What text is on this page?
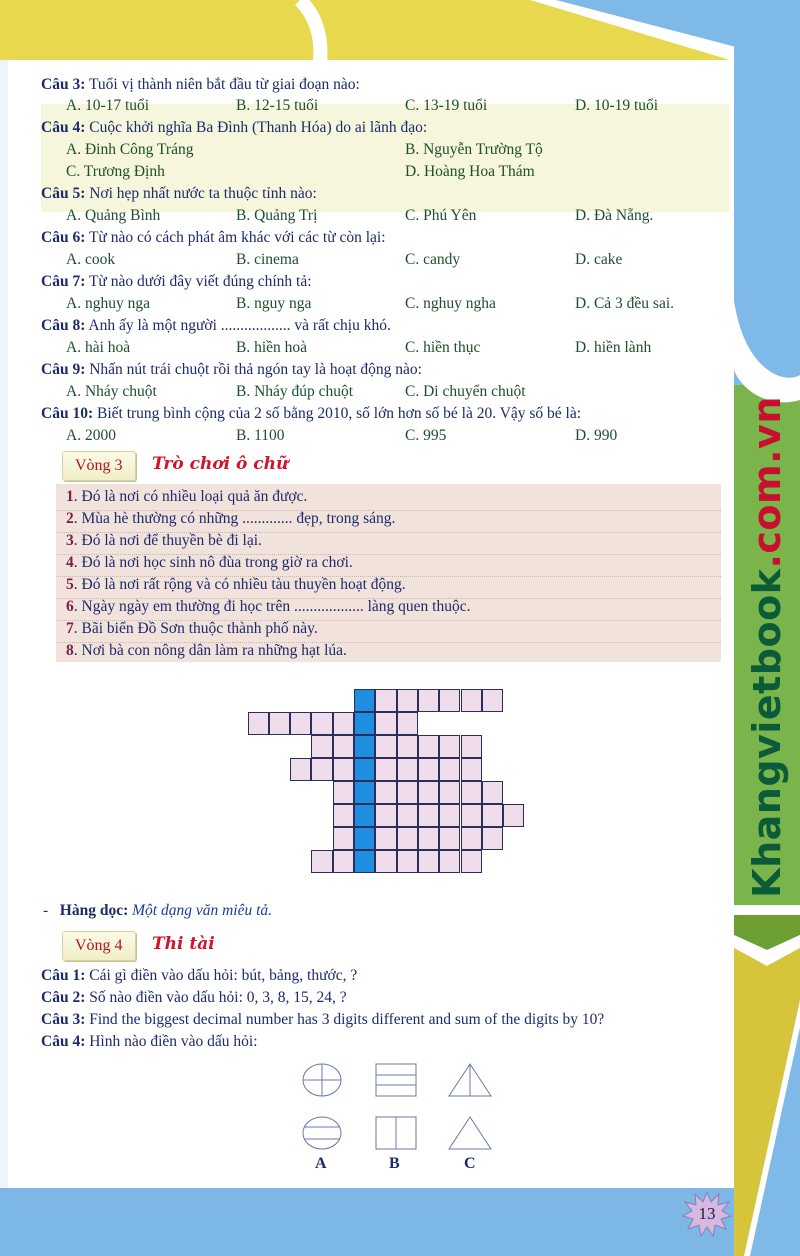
Khangvietbook.com.vn
Câu 3: Tuổi vị thành niên bắt đầu từ giai đoạn nào:
A. 10-17 tuổi	B. 12-15 tuổi	C. 13-19 tuổi	D. 10-19 tuổi
Câu 4: Cuộc khởi nghĩa Ba Đình (Thanh Hóa) do ai lãnh đạo:
A. Đinh Công Tráng	B. Nguyễn Trường Tộ
C. Trương Định	D. Hoàng Hoa Thám
Câu 5: Nơi hẹp nhất nước ta thuộc tỉnh nào:
A. Quảng Bình	B. Quảng Trị	C. Phú Yên	D. Đà Nẵng.
Câu 6: Từ nào có cách phát âm khác với các từ còn lại:
A. cook	B. cinema	C. candy	D. cake
Câu 7: Từ nào dưới đây viết đúng chính tả:
A. nghuy nga	B. nguy nga	C. nghuy ngha	D. Cả 3 đều sai.
Câu 8: Anh ấy là một người .................. và rất chịu khó.
A. hài hoà	B. hiền hoà	C. hiền thục	D. hiền lành
Câu 9: Nhấn nút trái chuột rồi thả ngón tay là hoạt động nào:
A. Nháy chuột	B. Nháy đúp chuột	C. Di chuyển chuột
Câu 10: Biết trung bình cộng của 2 số bằng 2010, số lớn hơn số bé là 20. Vậy số bé là:
A. 2000	B. 1100	C. 995	D. 990
Vòng 3 Trò chơi ô chữ
1. Đó là nơi có nhiều loại quả ăn được.
2. Mùa hè thường có những ............. đẹp, trong sáng.
3. Đó là nơi để thuyền bè đi lại.
4. Đó là nơi học sinh nô đùa trong giờ ra chơi.
5. Đó là nơi rất rộng và có nhiều tàu thuyền hoạt động.
6. Ngày ngày em thường đi học trên .................. làng quen thuộc.
7. Bãi biển Đồ Sơn thuộc thành phố này.
8. Nơi bà con nông dân làm ra những hạt lúa.
-   Hàng dọc: Một dạng văn miêu tả.
Vòng 4 Thi tài
Câu 1: Cái gì điền vào dấu hỏi: bút, bảng, thước, ?
Câu 2: Số nào điền vào dấu hỏi: 0, 3, 8, 15, 24, ?
Câu 3: Find the biggest decimal number has 3 digits different and sum of the digits by 10?
Câu 4: Hình nào điền vào dấu hỏi:
A	B	C
13
